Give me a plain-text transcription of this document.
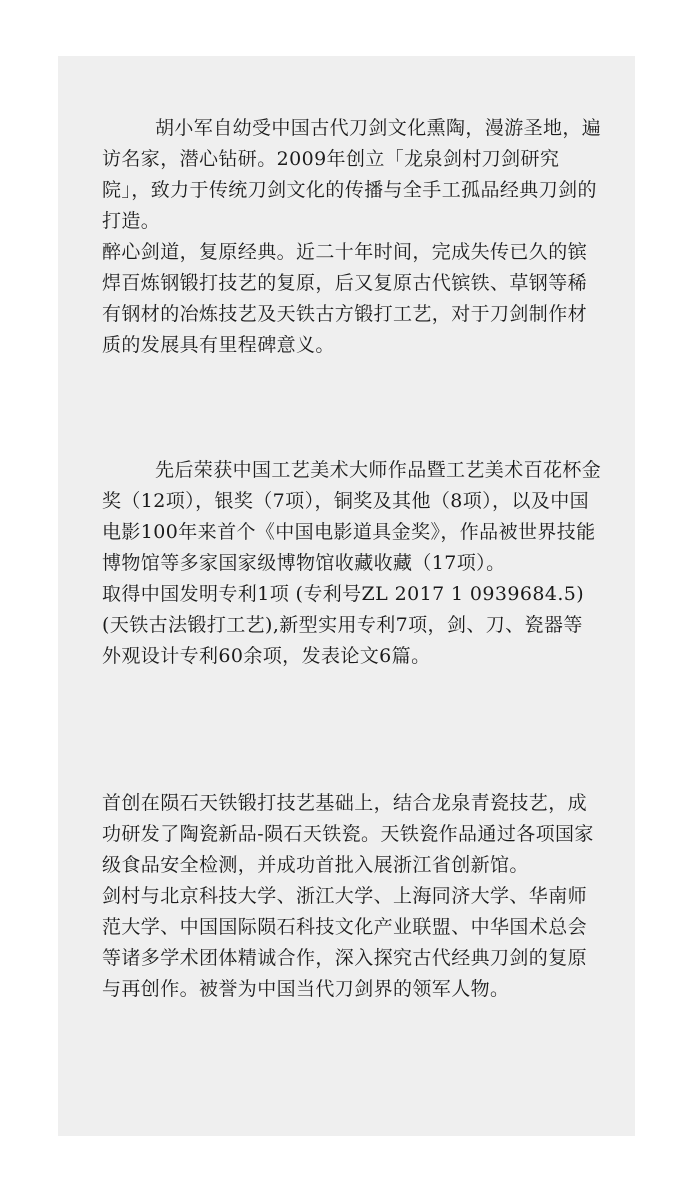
胡小军自幼受中国古代刀剑文化熏陶，漫游圣地，遍访名家，潜心钻研。2009年创立「龙泉剑村刀剑研究院」，致力于传统刀剑文化的传播与全手工孤品经典刀剑的打造。

醉心剑道，复原经典。近二十年时间，完成失传已久的镔焊百炼钢锻打技艺的复原，后又复原古代镔铁、草钢等稀有钢材的冶炼技艺及天铁古方锻打工艺，对于刀剑制作材质的发展具有里程碑意义。

先后荣获中国工艺美术大师作品暨工艺美术百花杯金奖（12项），银奖（7项），铜奖及其他（8项），以及中国电影100年来首个《中国电影道具金奖》，作品被世界技能博物馆等多家国家级博物馆收藏收藏（17项）。

取得中国发明专利1项 (专利号ZL 2017 1 0939684.5)(天铁古法锻打工艺),新型实用专利7项，剑、刀、瓷器等外观设计专利60余项，发表论文6篇。

首创在陨石天铁锻打技艺基础上，结合龙泉青瓷技艺，成功研发了陶瓷新品-陨石天铁瓷。天铁瓷作品通过各项国家级食品安全检测，并成功首批入展浙江省创新馆。

剑村与北京科技大学、浙江大学、上海同济大学、华南师范大学、中国国际陨石科技文化产业联盟、中华国术总会等诸多学术团体精诚合作，深入探究古代经典刀剑的复原与再创作。被誉为中国当代刀剑界的领军人物。
